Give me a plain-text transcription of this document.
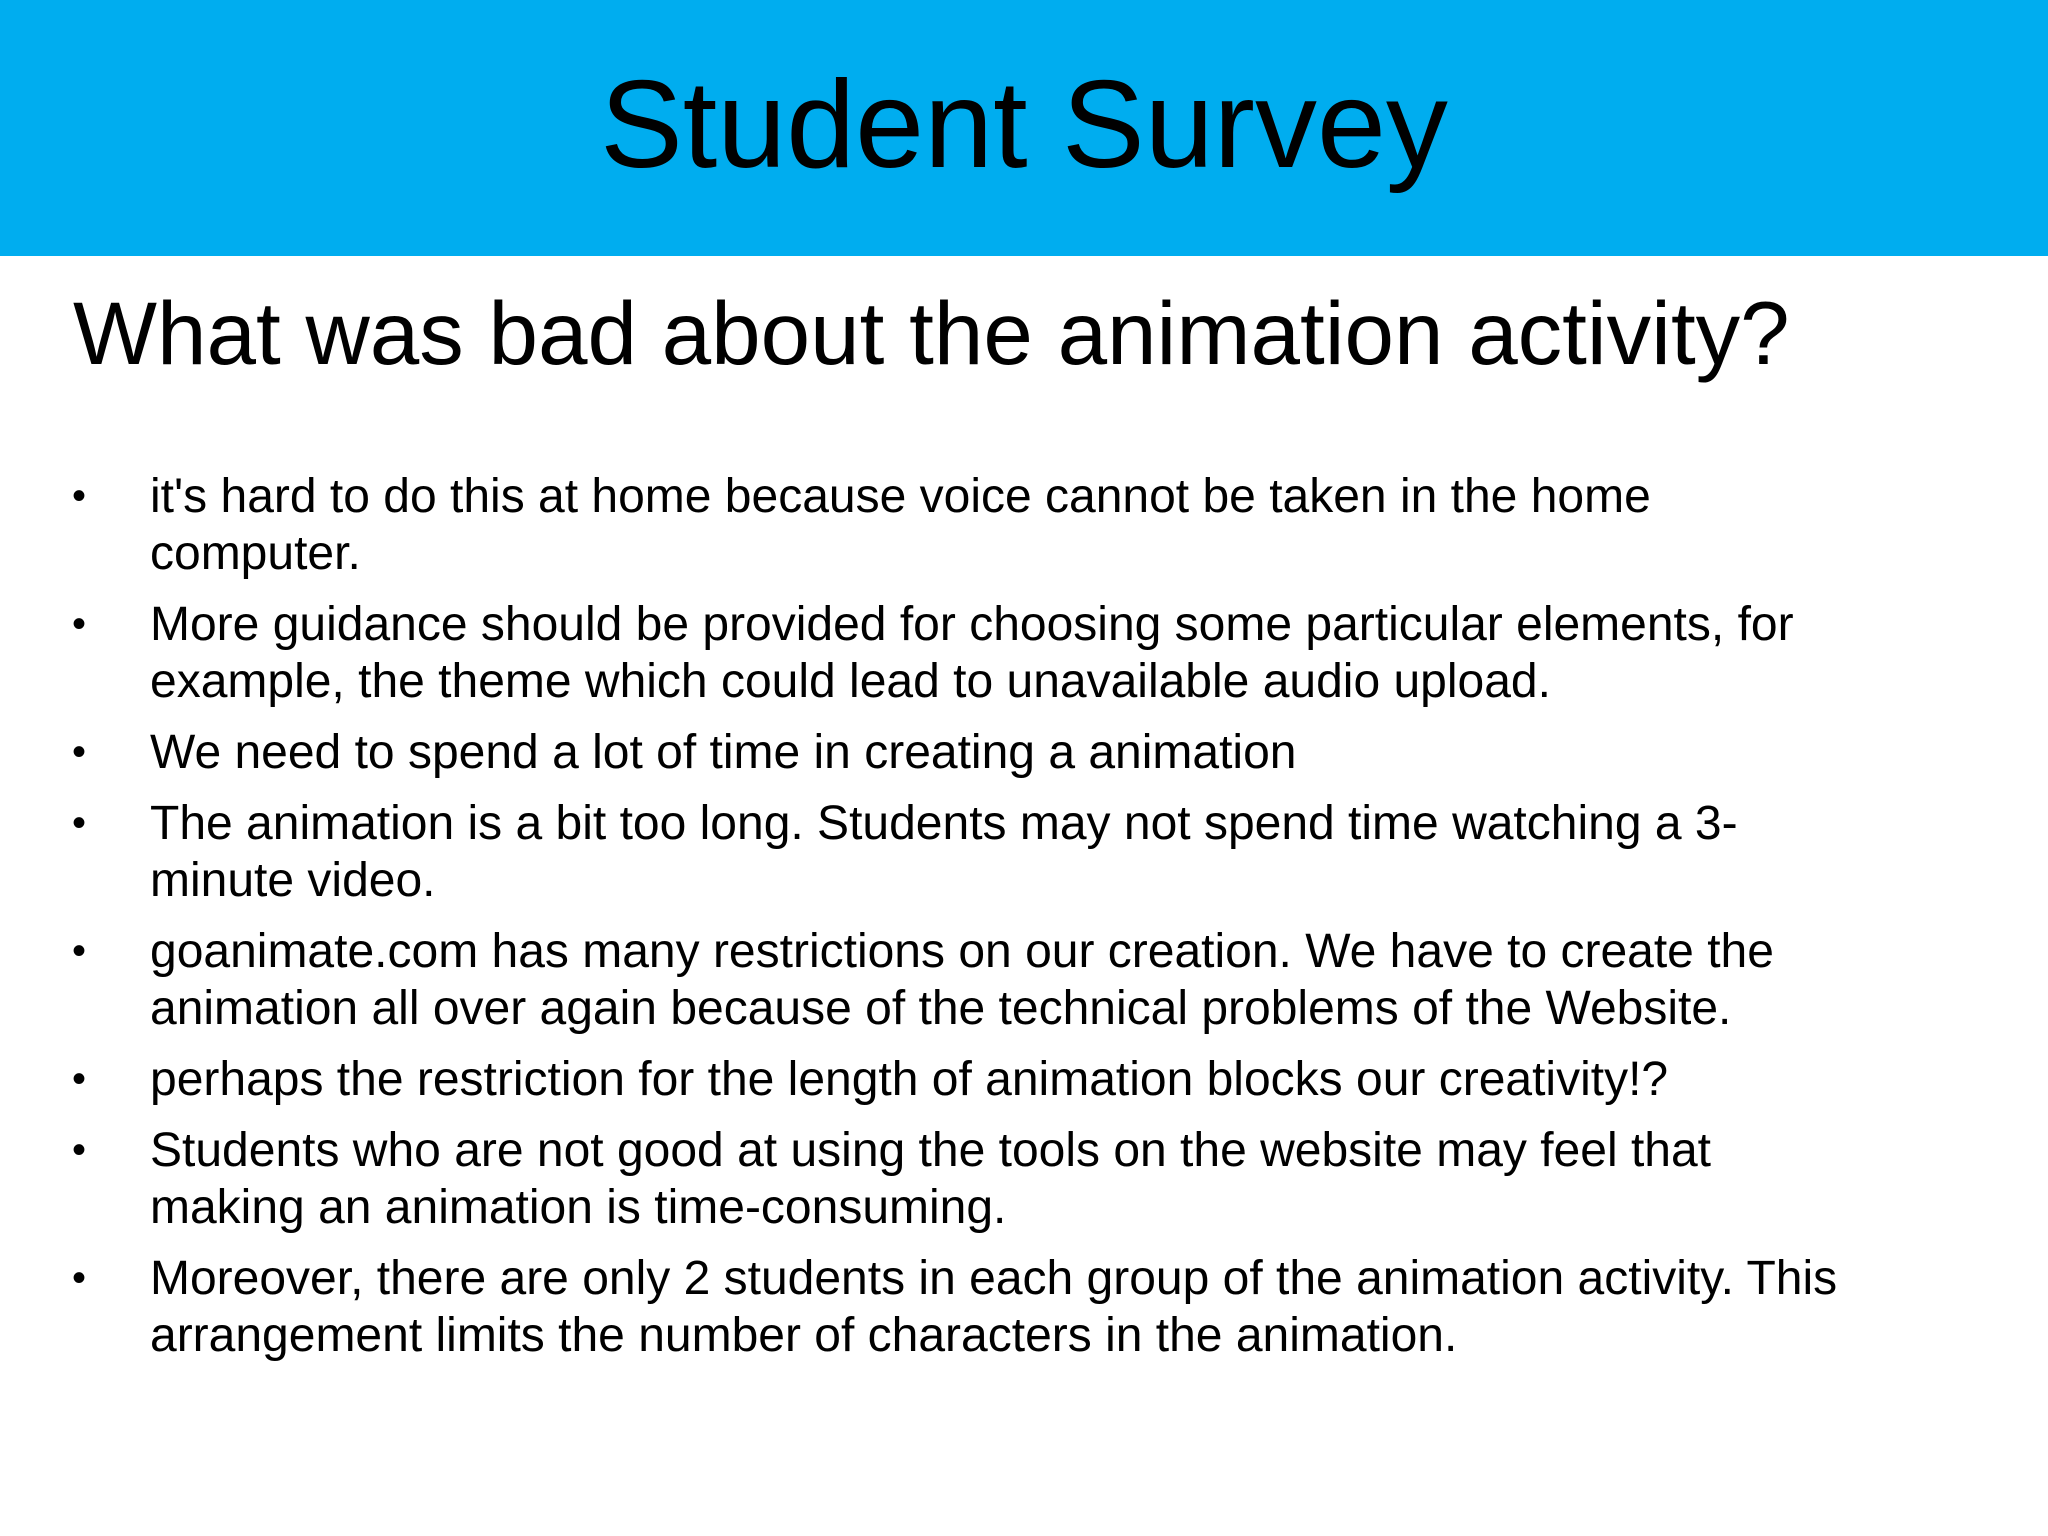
Student Survey
What was bad about the animation activity?
• it's hard to do this at home because voice cannot be taken in the home
computer.
• More guidance should be provided for choosing some particular elements, for
example, the theme which could lead to unavailable audio upload.
• We need to spend a lot of time in creating a animation
• The animation is a bit too long. Students may not spend time watching a 3-
minute video.
• goanimate.com has many restrictions on our creation. We have to create the
animation all over again because of the technical problems of the Website.
• perhaps the restriction for the length of animation blocks our creativity!?
• Students who are not good at using the tools on the website may feel that
making an animation is time-consuming.
• Moreover, there are only 2 students in each group of the animation activity. This
arrangement limits the number of characters in the animation.
